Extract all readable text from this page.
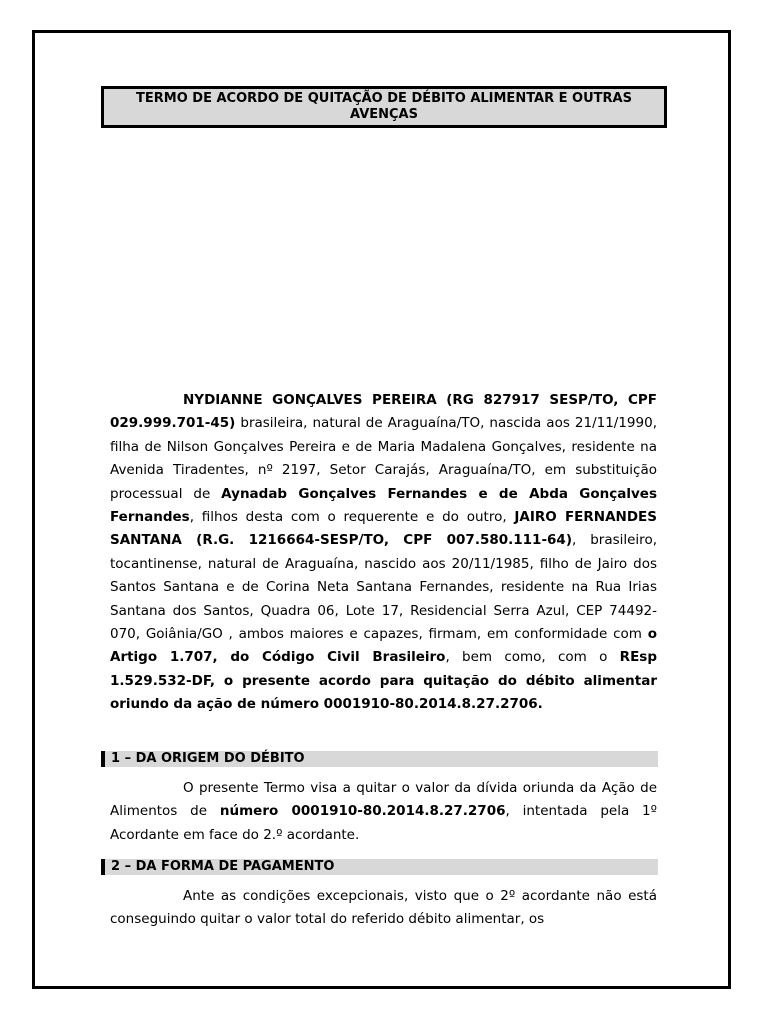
TERMO DE ACORDO DE QUITAÇÃO DE DÉBITO ALIMENTAR E OUTRAS AVENÇAS

NYDIANNE GONÇALVES PEREIRA (RG 827917 SESP/TO, CPF 029.999.701-45) brasileira, natural de Araguaína/TO, nascida aos 21/11/1990, filha de Nilson Gonçalves Pereira e de Maria Madalena Gonçalves, residente na Avenida Tiradentes, nº 2197, Setor Carajás, Araguaína/TO, em substituição processual de Aynadab Gonçalves Fernandes e de Abda Gonçalves Fernandes, filhos desta com o requerente e do outro, JAIRO FERNANDES SANTANA (R.G. 1216664-SESP/TO, CPF 007.580.111-64), brasileiro, tocantinense, natural de Araguaína, nascido aos 20/11/1985, filho de Jairo dos Santos Santana e de Corina Neta Santana Fernandes, residente na Rua Irias Santana dos Santos, Quadra 06, Lote 17, Residencial Serra Azul, CEP 74492-070, Goiânia/GO , ambos maiores e capazes, firmam, em conformidade com o Artigo 1.707, do Código Civil Brasileiro, bem como, com o REsp 1.529.532-DF, o presente acordo para quitação do débito alimentar oriundo da ação de número 0001910-80.2014.8.27.2706.

1 – DA ORIGEM DO DÉBITO

O presente Termo visa a quitar o valor da dívida oriunda da Ação de Alimentos de número 0001910-80.2014.8.27.2706, intentada pela 1º Acordante em face do 2.º acordante.

2 – DA FORMA DE PAGAMENTO

Ante as condições excepcionais, visto que o 2º acordante não está conseguindo quitar o valor total do referido débito alimentar, os
